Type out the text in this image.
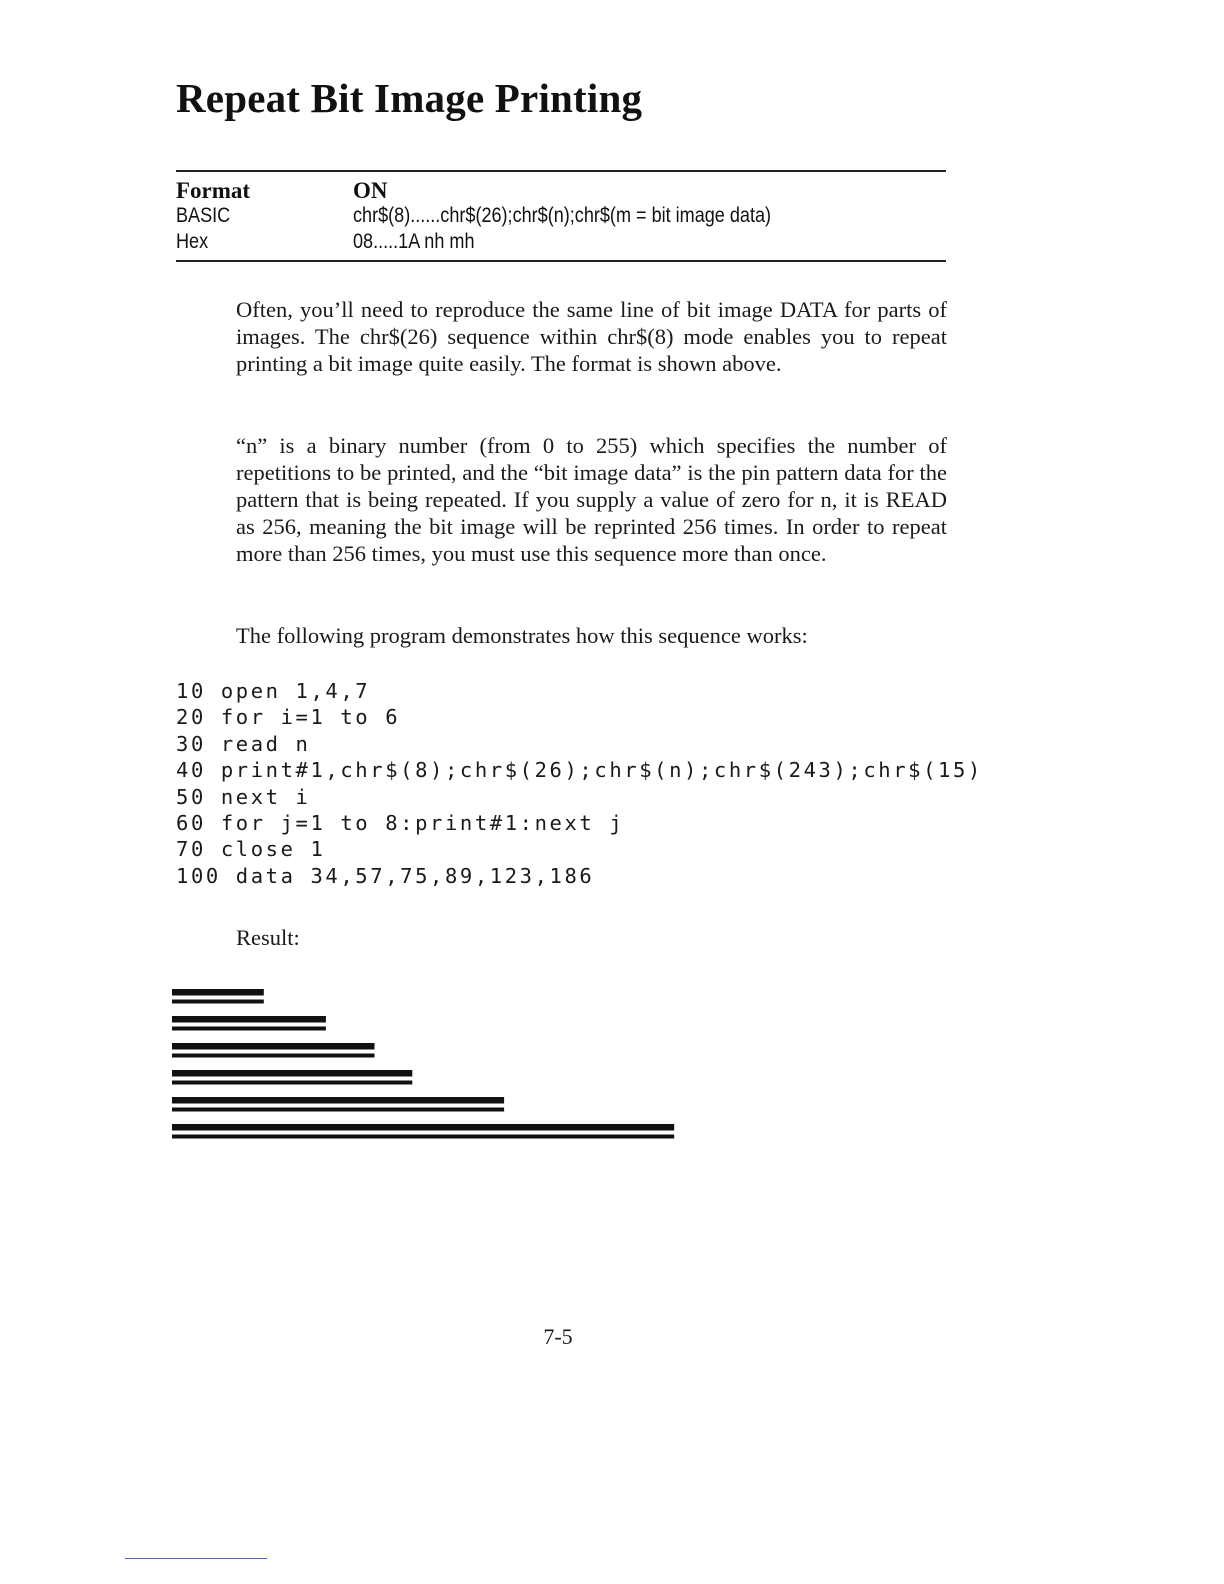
Repeat Bit Image Printing
Format	ON
BASIC	chr$(8)......chr$(26);chr$(n);chr$(m = bit image data)
Hex	08.....1A nh mh

Often, you’ll need to reproduce the same line of bit image DATA for parts of images. The chr$(26) sequence within chr$(8) mode enables you to repeat printing a bit image quite easily. The format is shown above.

“n” is a binary number (from 0 to 255) which specifies the number of repetitions to be printed, and the “bit image data” is the pin pattern data for the pattern that is being repeated. If you supply a value of zero for n, it is READ as 256, meaning the bit image will be reprinted 256 times. In order to repeat more than 256 times, you must use this sequence more than once.

The following program demonstrates how this sequence works:

10 open 1,4,7
20 for i=1 to 6
30 read n
40 print#1,chr$(8);chr$(26);chr$(n);chr$(243);chr$(15)
50 next i
60 for j=1 to 8:print#1:next j
70 close 1
100 data 34,57,75,89,123,186

Result:

7-5
